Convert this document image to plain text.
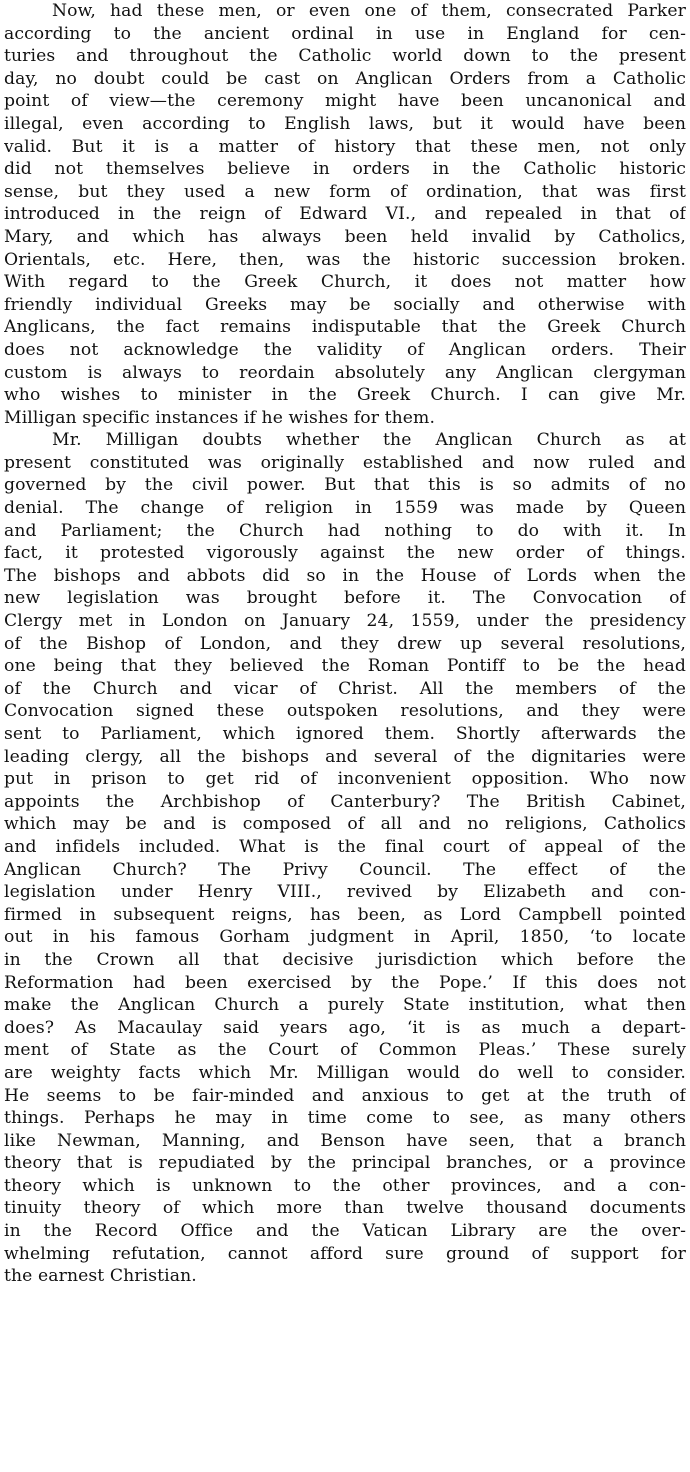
Now, had these men, or even one of them, consecrated Parker
according to the ancient ordinal in use in England for cen-
turies and throughout the Catholic world down to the present
day, no doubt could be cast on Anglican Orders from a Catholic
point of view—the ceremony might have been uncanonical and
illegal, even according to English laws, but it would have been
valid. But it is a matter of history that these men, not only
did not themselves believe in orders in the Catholic historic
sense, but they used a new form of ordination, that was first
introduced in the reign of Edward VI., and repealed in that of
Mary, and which has always been held invalid by Catholics,
Orientals, etc. Here, then, was the historic succession broken.
With regard to the Greek Church, it does not matter how
friendly individual Greeks may be socially and otherwise with
Anglicans, the fact remains indisputable that the Greek Church
does not acknowledge the validity of Anglican orders. Their
custom is always to reordain absolutely any Anglican clergyman
who wishes to minister in the Greek Church. I can give Mr.
Milligan specific instances if he wishes for them.
Mr. Milligan doubts whether the Anglican Church as at
present constituted was originally established and now ruled and
governed by the civil power. But that this is so admits of no
denial. The change of religion in 1559 was made by Queen
and Parliament; the Church had nothing to do with it. In
fact, it protested vigorously against the new order of things.
The bishops and abbots did so in the House of Lords when the
new legislation was brought before it. The Convocation of
Clergy met in London on January 24, 1559, under the presidency
of the Bishop of London, and they drew up several resolutions,
one being that they believed the Roman Pontiff to be the head
of the Church and vicar of Christ. All the members of the
Convocation signed these outspoken resolutions, and they were
sent to Parliament, which ignored them. Shortly afterwards the
leading clergy, all the bishops and several of the dignitaries were
put in prison to get rid of inconvenient opposition. Who now
appoints the Archbishop of Canterbury? The British Cabinet,
which may be and is composed of all and no religions, Catholics
and infidels included. What is the final court of appeal of the
Anglican Church? The Privy Council. The effect of the
legislation under Henry VIII., revived by Elizabeth and con-
firmed in subsequent reigns, has been, as Lord Campbell pointed
out in his famous Gorham judgment in April, 1850, ‘to locate
in the Crown all that decisive jurisdiction which before the
Reformation had been exercised by the Pope.’ If this does not
make the Anglican Church a purely State institution, what then
does? As Macaulay said years ago, ‘it is as much a depart-
ment of State as the Court of Common Pleas.’ These surely
are weighty facts which Mr. Milligan would do well to consider.
He seems to be fair-minded and anxious to get at the truth of
things. Perhaps he may in time come to see, as many others
like Newman, Manning, and Benson have seen, that a branch
theory that is repudiated by the principal branches, or a province
theory which is unknown to the other provinces, and a con-
tinuity theory of which more than twelve thousand documents
in the Record Office and the Vatican Library are the over-
whelming refutation, cannot afford sure ground of support for
the earnest Christian.
